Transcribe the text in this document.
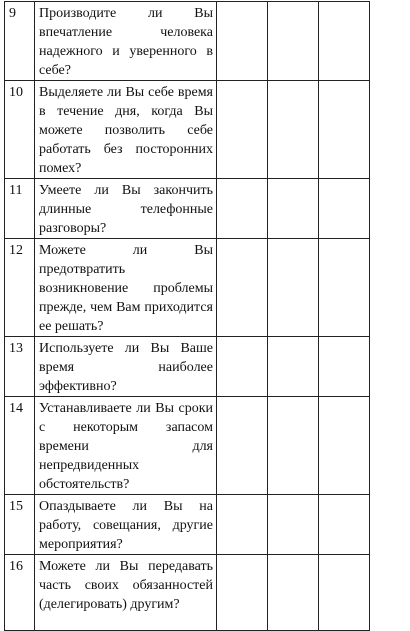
9	Производите ли Вы впечатление человека надежного и уверенного в себе?			

10	Выделяете ли Вы себе время в течение дня, когда Вы можете позволить себе работать без посторонних помех?			

11	Умеете ли Вы закончить длинные телефонные разговоры?			

12	Можете ли Вы предотвратить возникновение проблемы прежде, чем Вам приходится ее решать?			

13	Используете ли Вы Ваше время наиболее эффективно?			

14	Устанавливаете ли Вы сроки с некоторым запасом времени для непредвиденных обстоятельств?			

15	Опаздываете ли Вы на работу, совещания, другие мероприятия?			

16	Можете ли Вы передавать часть своих обязанностей (делегировать) другим?			
